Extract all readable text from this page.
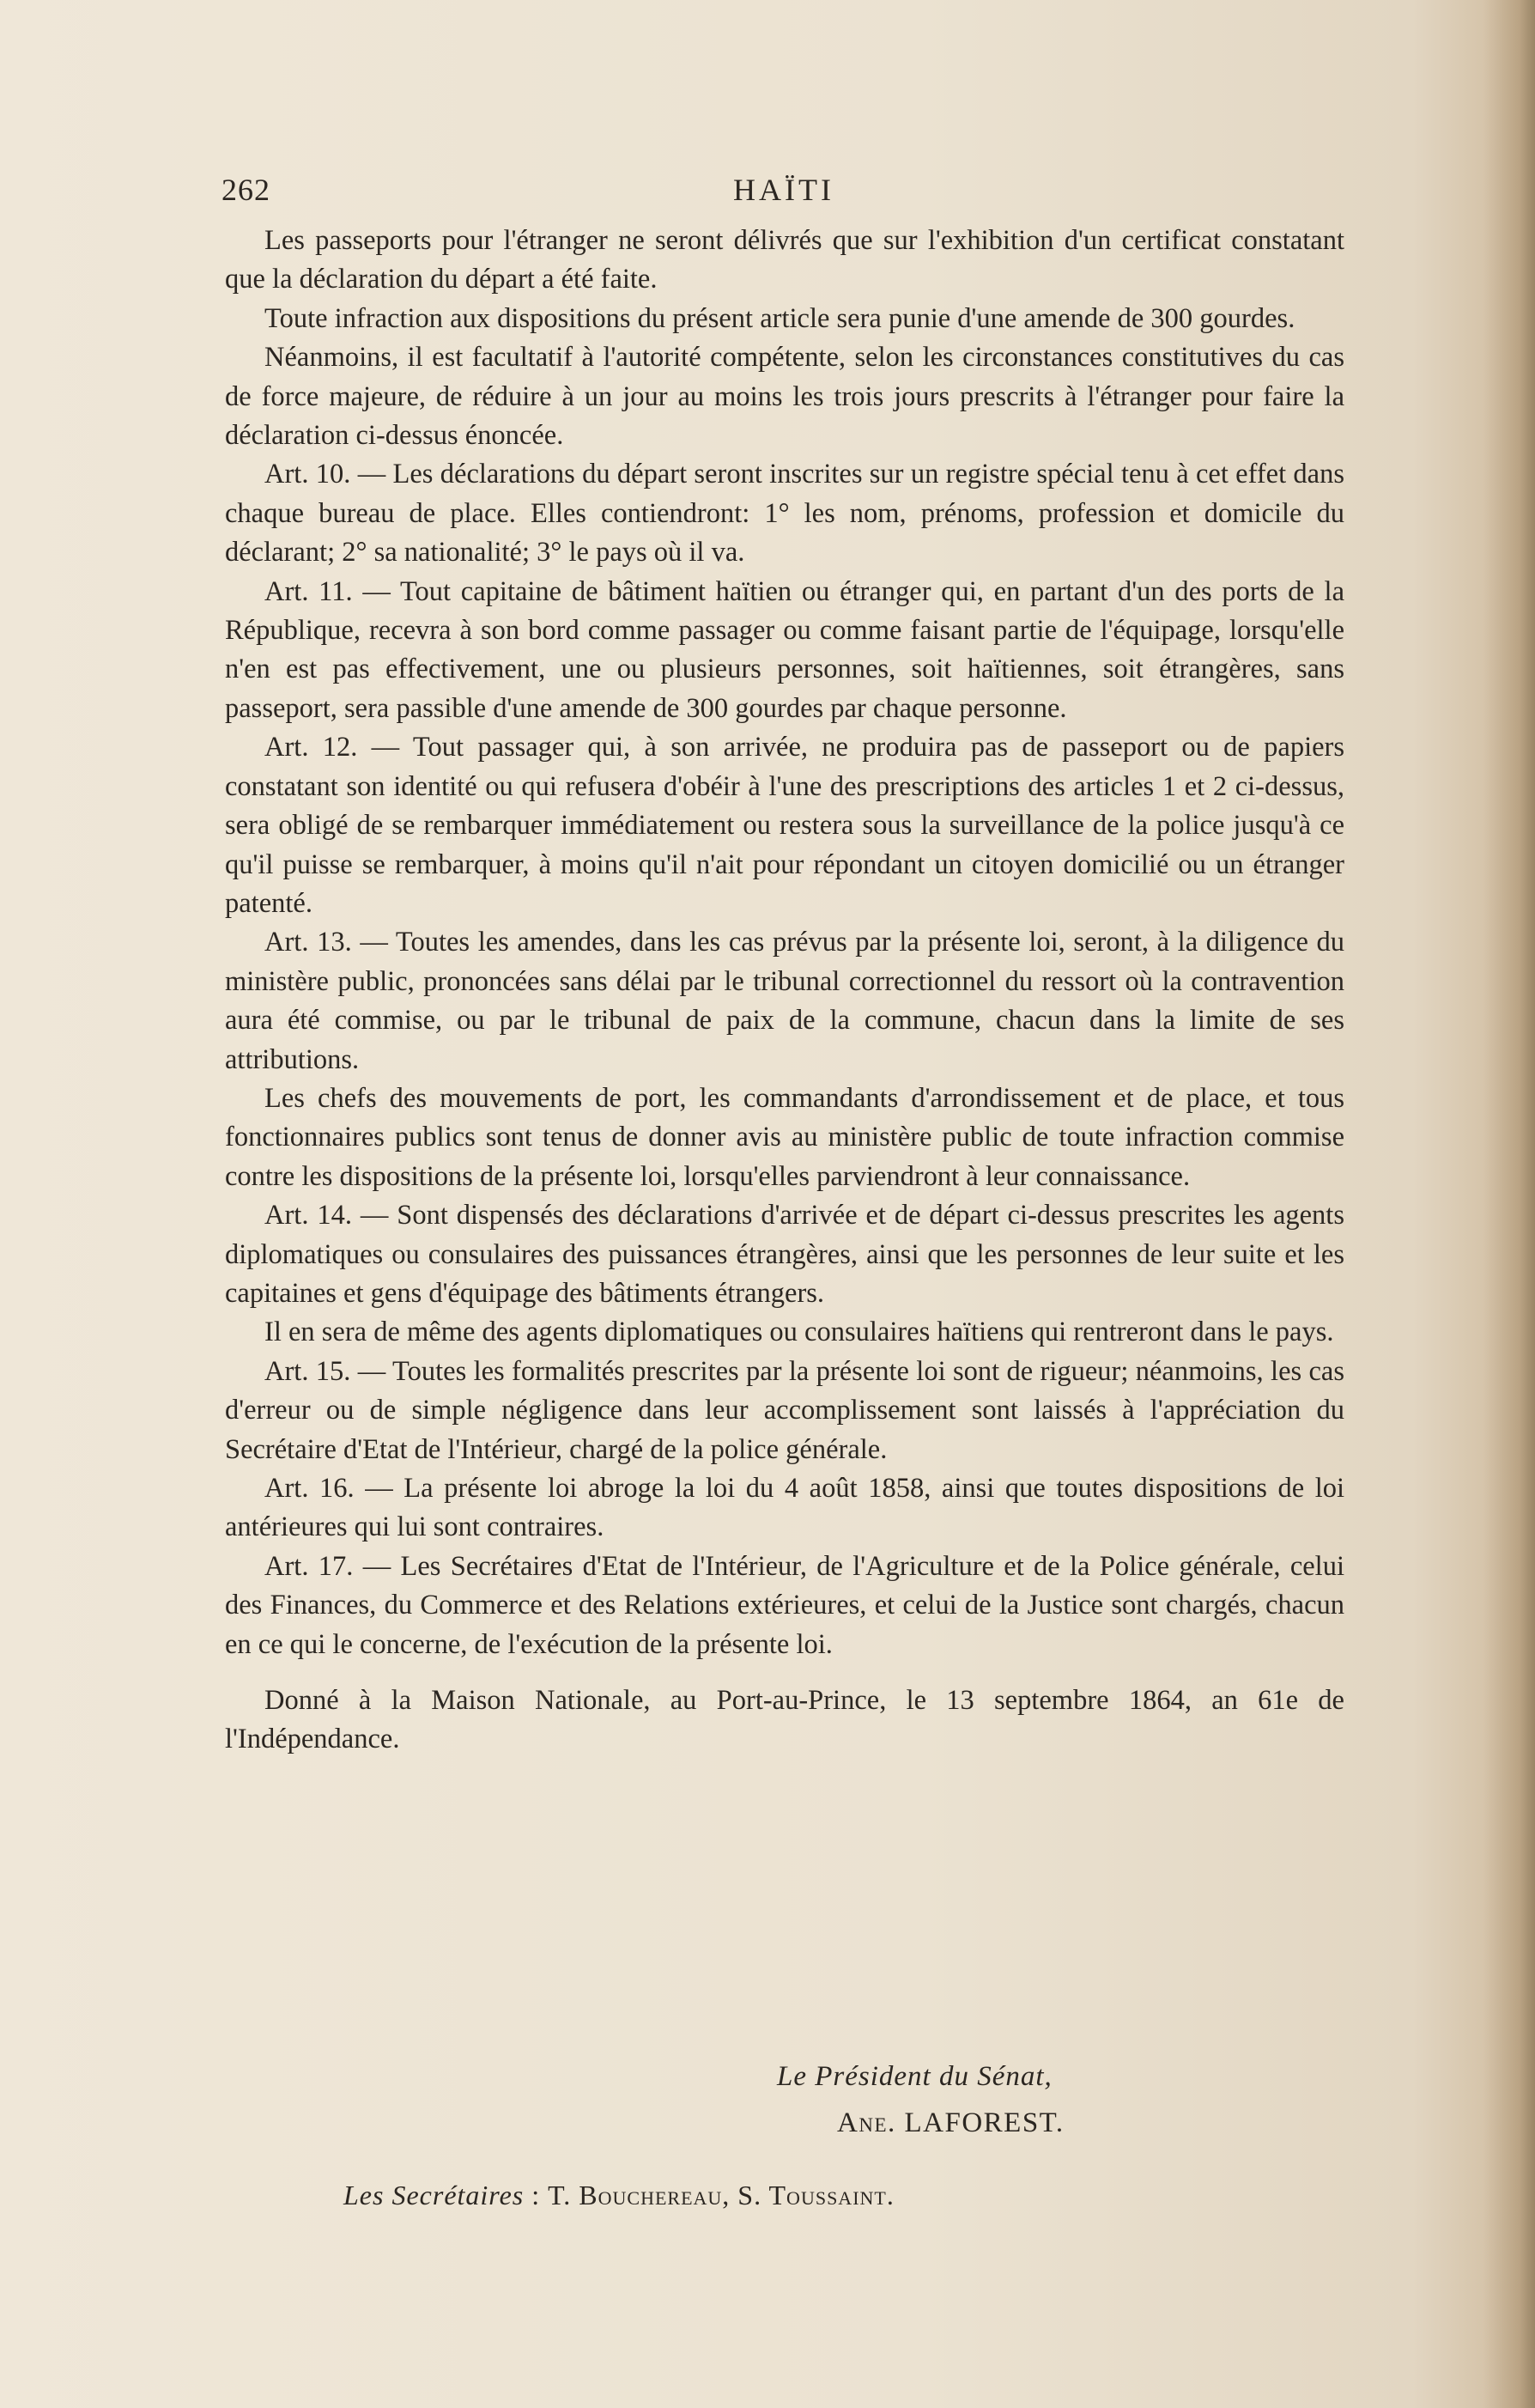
262	HAÏTI

Les passeports pour l'étranger ne seront délivrés que sur l'exhibition d'un certificat constatant que la déclaration du départ a été faite.

Toute infraction aux dispositions du présent article sera punie d'une amende de 300 gourdes.

Néanmoins, il est facultatif à l'autorité compétente, selon les circonstances constitutives du cas de force majeure, de réduire à un jour au moins les trois jours prescrits à l'étranger pour faire la déclaration ci-dessus énoncée.

Art. 10. — Les déclarations du départ seront inscrites sur un registre spécial tenu à cet effet dans chaque bureau de place. Elles contiendront: 1° les nom, prénoms, profession et domicile du déclarant; 2° sa nationalité; 3° le pays où il va.

Art. 11. — Tout capitaine de bâtiment haïtien ou étranger qui, en partant d'un des ports de la République, recevra à son bord comme passager ou comme faisant partie de l'équipage, lorsqu'elle n'en est pas effectivement, une ou plusieurs personnes, soit haïtiennes, soit étrangères, sans passeport, sera passible d'une amende de 300 gourdes par chaque personne.

Art. 12. — Tout passager qui, à son arrivée, ne produira pas de passeport ou de papiers constatant son identité ou qui refusera d'obéir à l'une des prescriptions des articles 1 et 2 ci-dessus, sera obligé de se rembarquer immédiatement ou restera sous la surveillance de la police jusqu'à ce qu'il puisse se rembarquer, à moins qu'il n'ait pour répondant un citoyen domicilié ou un étranger patenté.

Art. 13. — Toutes les amendes, dans les cas prévus par la présente loi, seront, à la diligence du ministère public, prononcées sans délai par le tribunal correctionnel du ressort où la contravention aura été commise, ou par le tribunal de paix de la commune, chacun dans la limite de ses attributions.

Les chefs des mouvements de port, les commandants d'arrondissement et de place, et tous fonctionnaires publics sont tenus de donner avis au ministère public de toute infraction commise contre les dispositions de la présente loi, lorsqu'elles parviendront à leur connaissance.

Art. 14. — Sont dispensés des déclarations d'arrivée et de départ ci-dessus prescrites les agents diplomatiques ou consulaires des puissances étrangères, ainsi que les personnes de leur suite et les capitaines et gens d'équipage des bâtiments étrangers.

Il en sera de même des agents diplomatiques ou consulaires haïtiens qui rentreront dans le pays.

Art. 15. — Toutes les formalités prescrites par la présente loi sont de rigueur; néanmoins, les cas d'erreur ou de simple négligence dans leur accomplissement sont laissés à l'appréciation du Secrétaire d'Etat de l'Intérieur, chargé de la police générale.

Art. 16. — La présente loi abroge la loi du 4 août 1858, ainsi que toutes dispositions de loi antérieures qui lui sont contraires.

Art. 17. — Les Secrétaires d'Etat de l'Intérieur, de l'Agriculture et de la Police générale, celui des Finances, du Commerce et des Relations extérieures, et celui de la Justice sont chargés, chacun en ce qui le concerne, de l'exécution de la présente loi.

Donné à la Maison Nationale, au Port-au-Prince, le 13 septembre 1864, an 61e de l'Indépendance.

Le Président du Sénat,
Ane. LAFOREST.
Les Secrétaires : T. Bouchereau, S. Toussaint.
